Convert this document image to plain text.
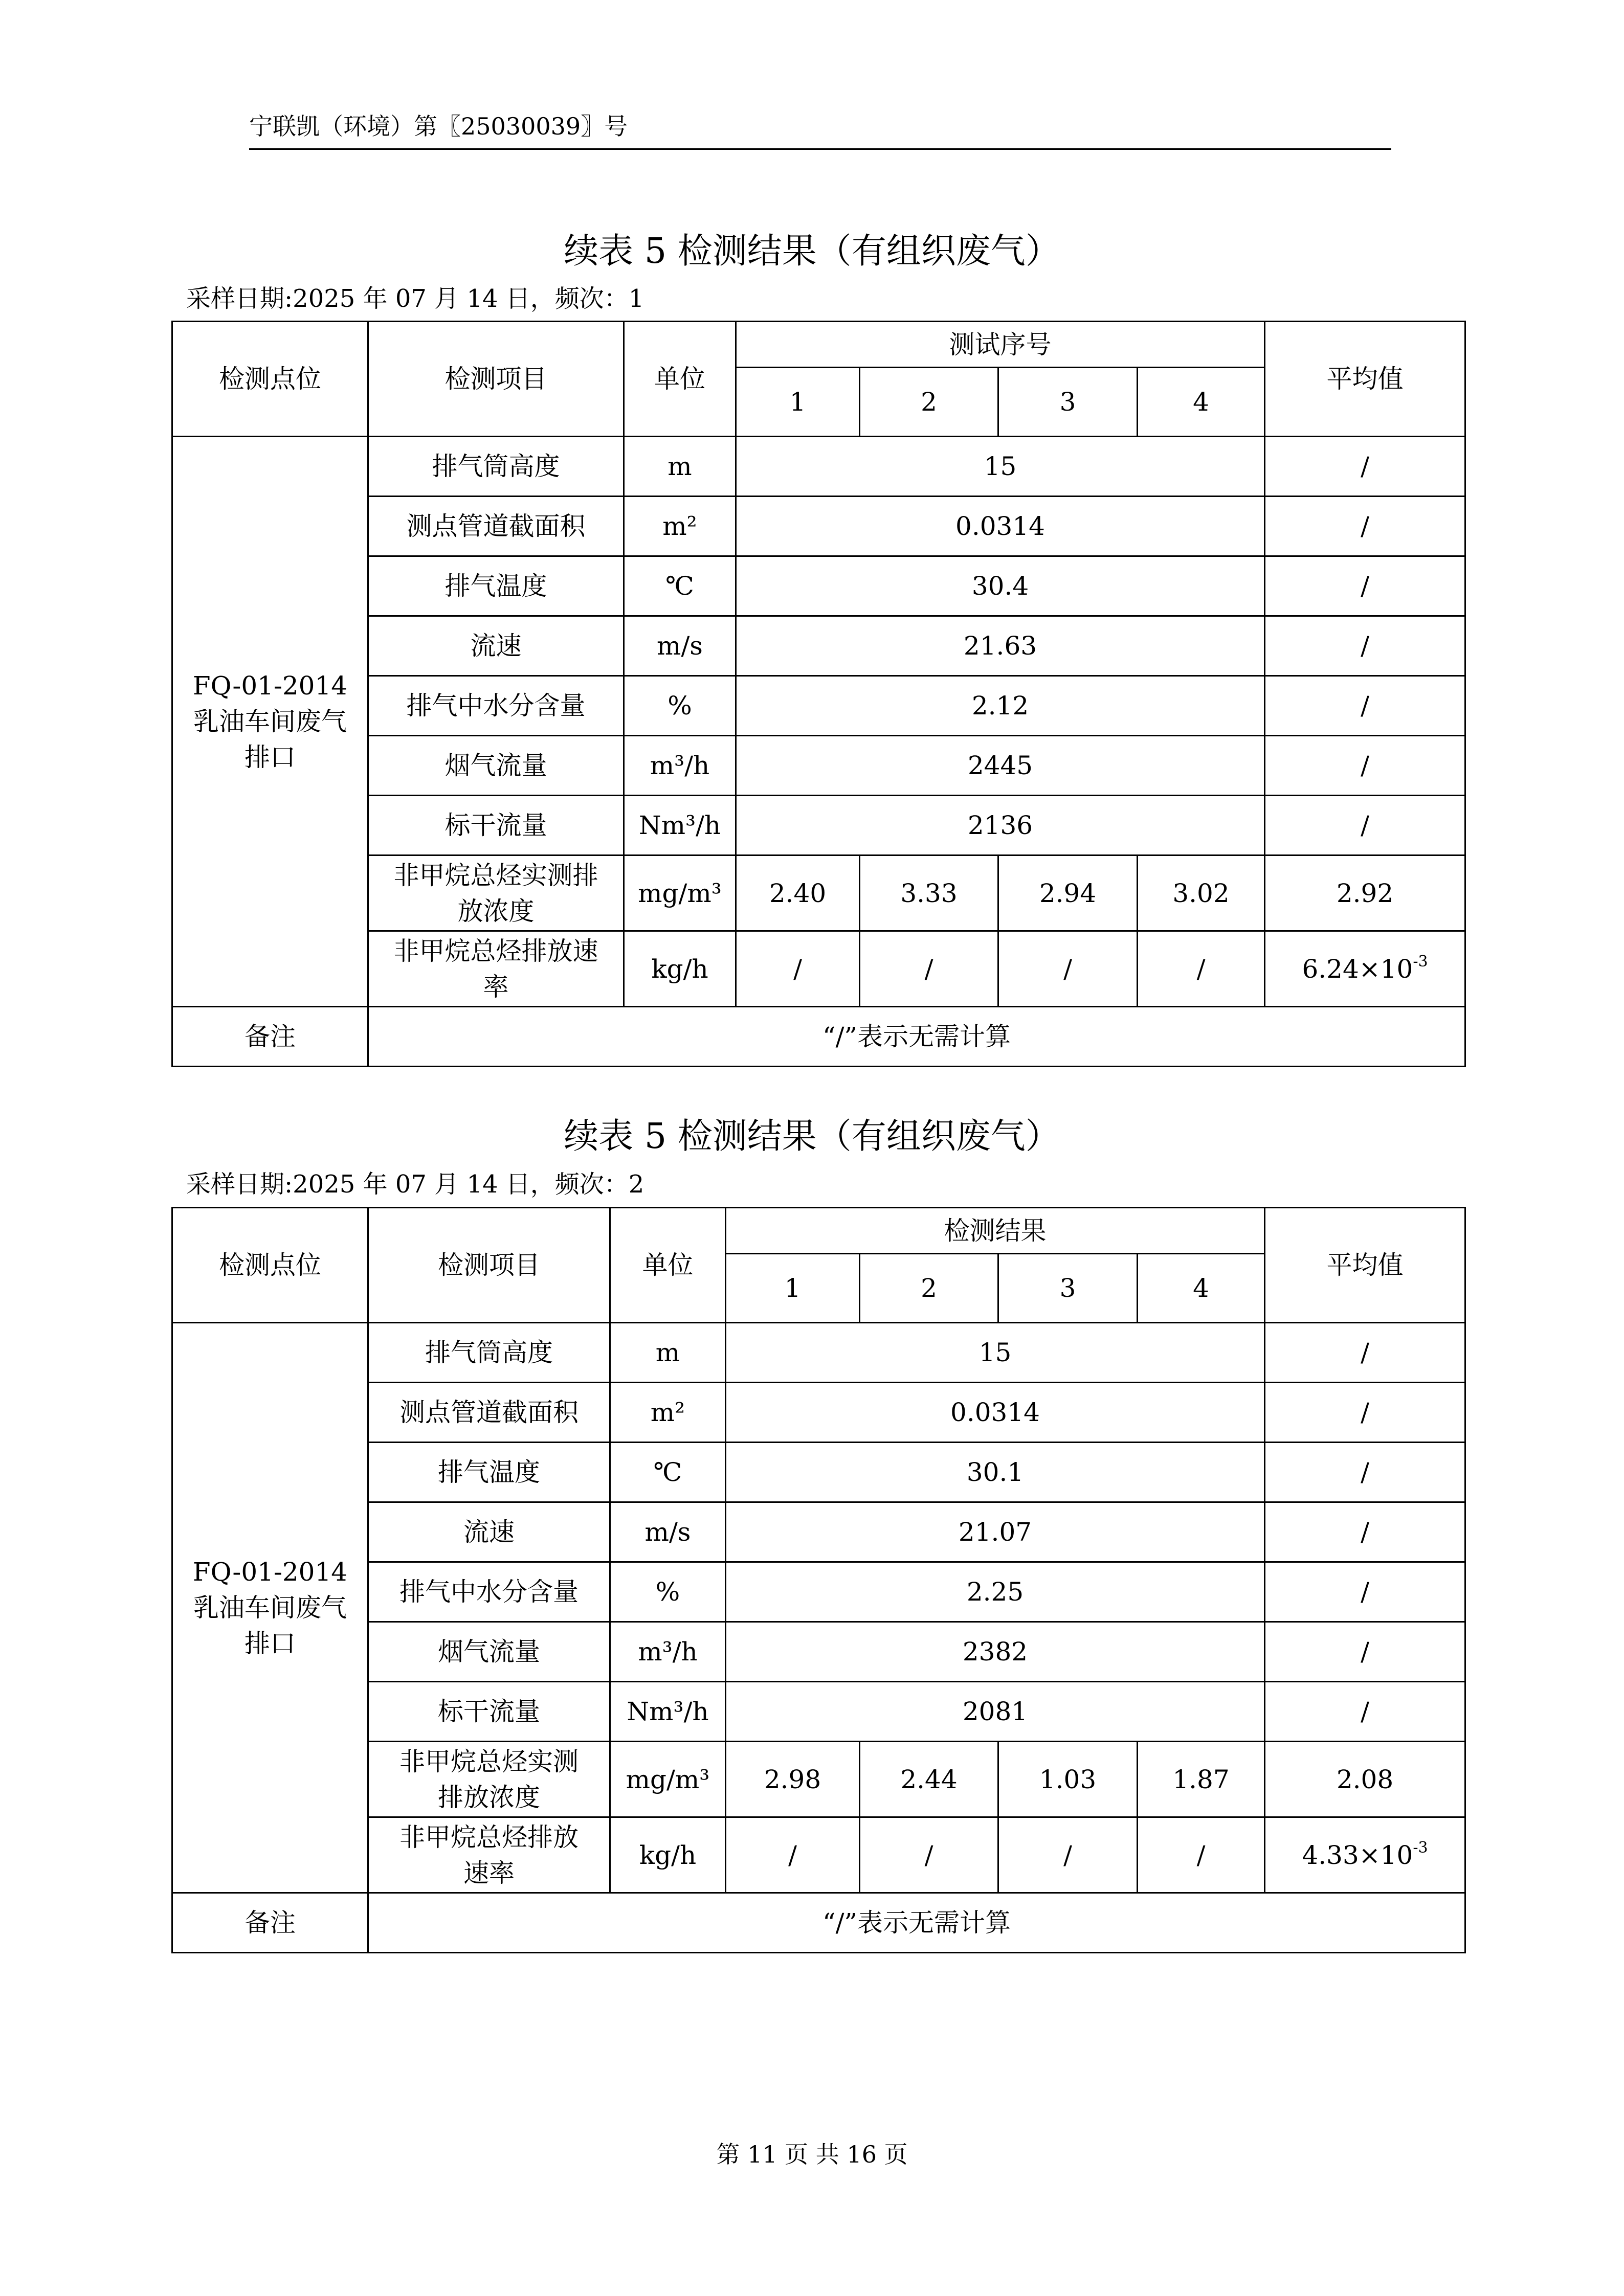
宁联凯（环境）第〖25030039〗号
续表 5 检测结果（有组织废气）
采样日期:2025 年 07 月 14 日，频次：1
检测点位	检测项目	单位	测试序号				平均值
			1	2	3	4	
FQ-01-2014 乳油车间废气排口	排气筒高度	m	15				/
	测点管道截面积	m²	0.0314				/
	排气温度	℃	30.4				/
	流速	m/s	21.63				/
	排气中水分含量	%	2.12				/
	烟气流量	m³/h	2445				/
	标干流量	Nm³/h	2136				/
	非甲烷总烃实测排放浓度	mg/m³	2.40	3.33	2.94	3.02	2.92
	非甲烷总烃排放速率	kg/h	/	/	/	/	$6.24\times 10^{-3}$
备注	“/”表示无需计算						
续表 5 检测结果（有组织废气）
采样日期:2025 年 07 月 14 日，频次：2
检测点位	检测项目	单位	检测结果				平均值
			1	2	3	4	
FQ-01-2014 乳油车间废气排口	排气筒高度	m	15				/
	测点管道截面积	m²	0.0314				/
	排气温度	℃	30.1				/
	流速	m/s	21.07				/
	排气中水分含量	%	2.25				/
	烟气流量	m³/h	2382				/
	标干流量	Nm³/h	2081				/
	非甲烷总烃实测排放浓度	mg/m³	2.98	2.44	1.03	1.87	2.08
	非甲烷总烃排放速率	kg/h	/	/	/	/	$4.33\times 10^{-3}$
备注	“/”表示无需计算						
第 11 页 共 16 页
